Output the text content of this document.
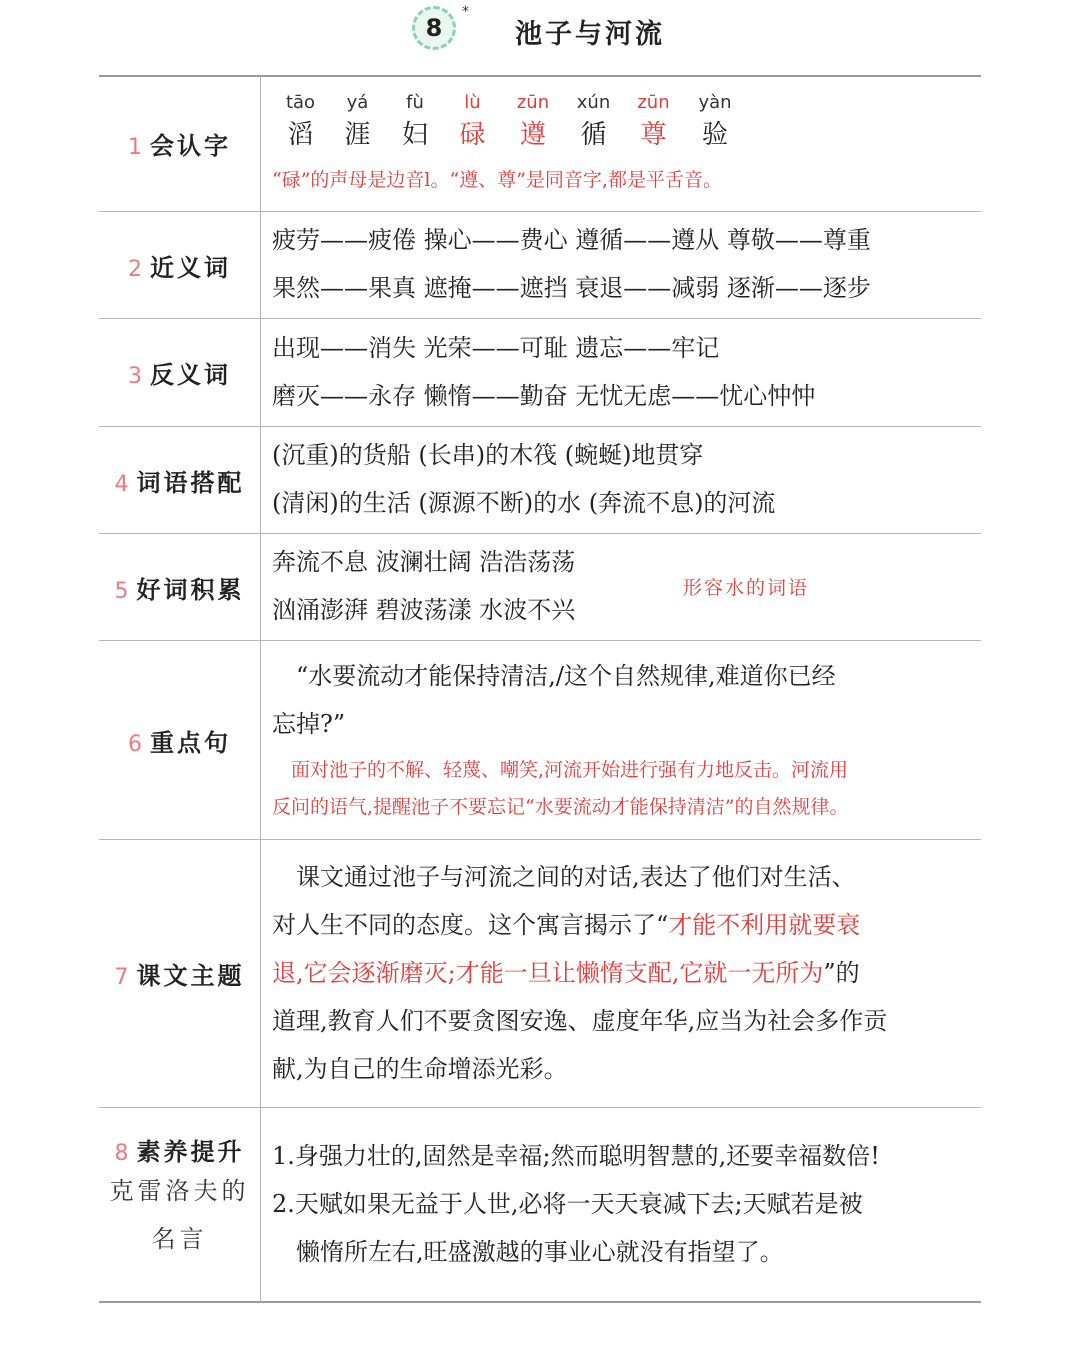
8
*
池子与河流
1 会认字
tāo
滔
yá
涯
fù
妇
lù
碌
zūn
遵
xún
循
zūn
尊
yàn
验
“碌”的声母是边音l。“遵、尊”是同音字,都是平舌音。
2 近义词
疲劳——疲倦 操心——费心 遵循——遵从 尊敬——尊重
果然——果真 遮掩——遮挡 衰退——减弱 逐渐——逐步
3 反义词
出现——消失 光荣——可耻 遗忘——牢记
磨灭——永存 懒惰——勤奋 无忧无虑——忧心忡忡
4 词语搭配
(沉重)的货船 (长串)的木筏 (蜿蜒)地贯穿
(清闲)的生活 (源源不断)的水 (奔流不息)的河流
5 好词积累
奔流不息 波澜壮阔 浩浩荡荡
汹涌澎湃 碧波荡漾 水波不兴
形容水的词语
6 重点句
　“水要流动才能保持清洁,/这个自然规律,难道你已经
忘掉?”
　面对池子的不解、轻蔑、嘲笑,河流开始进行强有力地反击。河流用
反问的语气,提醒池子不要忘记“水要流动才能保持清洁”的自然规律。
7 课文主题
　课文通过池子与河流之间的对话,表达了他们对生活、
对人生不同的态度。这个寓言揭示了“才能不利用就要衰
退,它会逐渐磨灭;才能一旦让懒惰支配,它就一无所为”的
道理,教育人们不要贪图安逸、虚度年华,应当为社会多作贡
献,为自己的生命增添光彩。
8 素养提升
克雷洛夫的
名言
1.身强力壮的,固然是幸福;然而聪明智慧的,还要幸福数倍!
2.天赋如果无益于人世,必将一天天衰减下去;天赋若是被
　懒惰所左右,旺盛激越的事业心就没有指望了。
